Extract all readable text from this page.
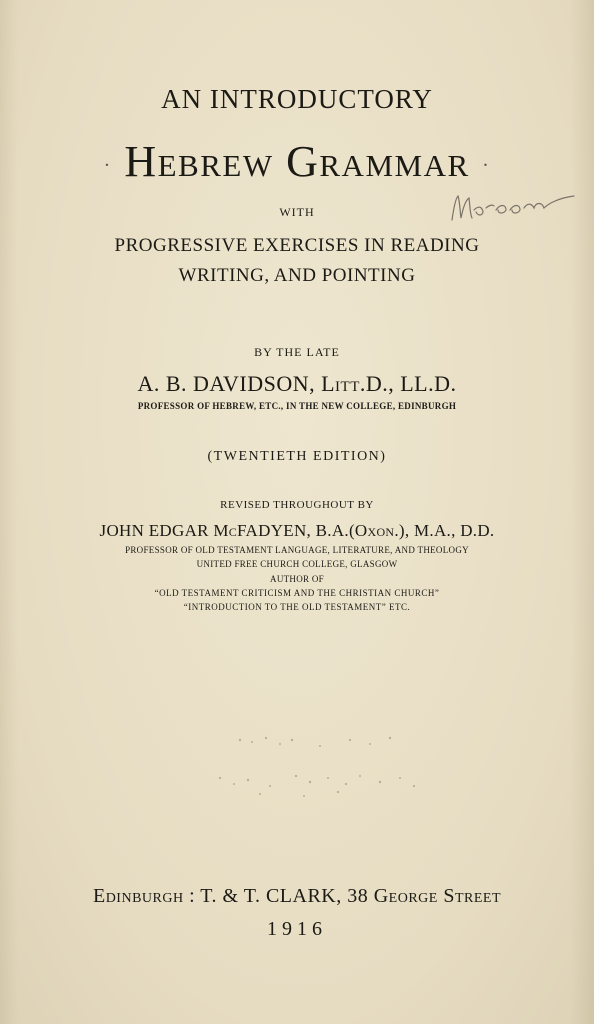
AN INTRODUCTORY
· Hebrew Grammar ·
WITH
PROGRESSIVE EXERCISES IN READING
WRITING, AND POINTING
BY THE LATE
A. B. DAVIDSON, Litt.D., LL.D.
PROFESSOR OF HEBREW, ETC., IN THE NEW COLLEGE, EDINBURGH
(TWENTIETH EDITION)
REVISED THROUGHOUT BY
JOHN EDGAR McFADYEN, B.A.(Oxon.), M.A., D.D.
PROFESSOR OF OLD TESTAMENT LANGUAGE, LITERATURE, AND THEOLOGY
UNITED FREE CHURCH COLLEGE, GLASGOW
AUTHOR OF
“OLD TESTAMENT CRITICISM AND THE CHRISTIAN CHURCH”
“INTRODUCTION TO THE OLD TESTAMENT” ETC.
Edinburgh : T. & T. CLARK, 38 George Street
1916
